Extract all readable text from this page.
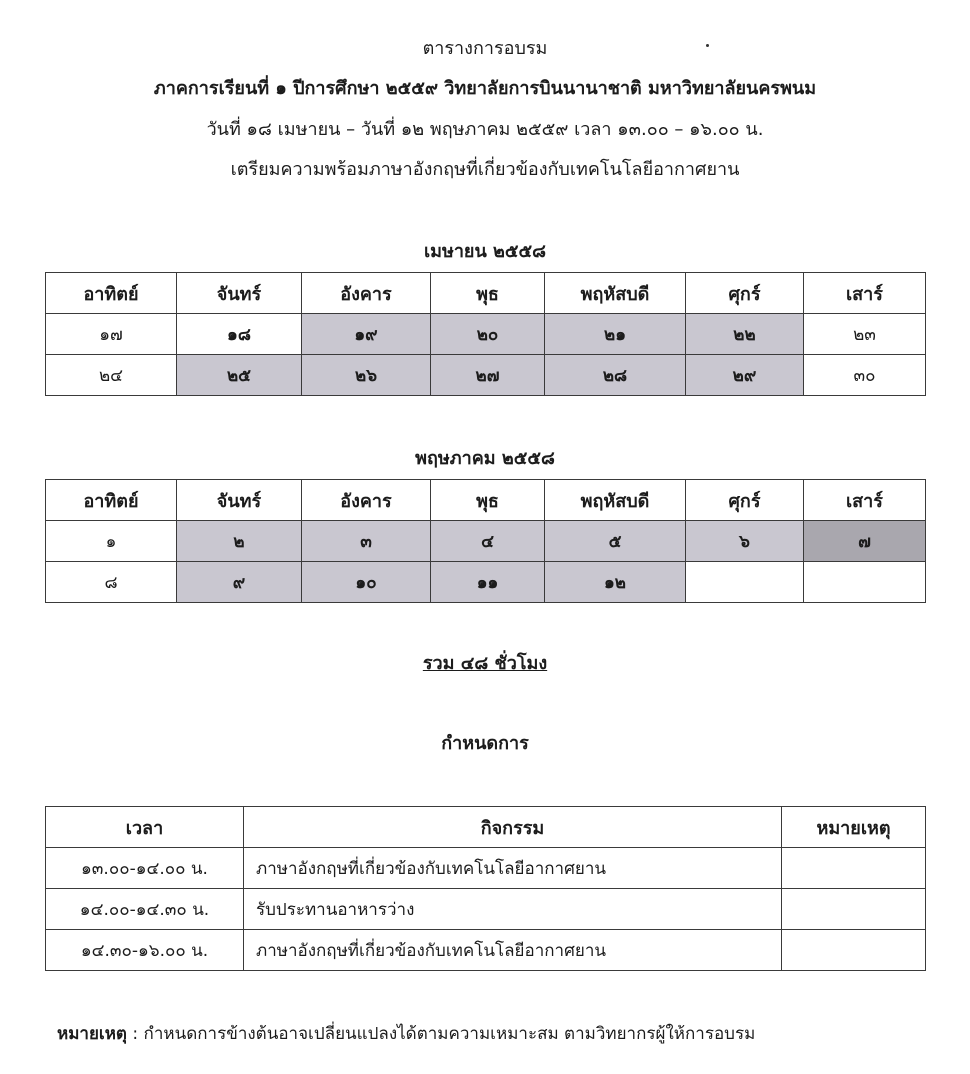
ตารางการอบรม
ภาคการเรียนที่ ๑ ปีการศึกษา ๒๕๕๙ วิทยาลัยการบินนานาชาติ มหาวิทยาลัยนครพนม
วันที่ ๑๘ เมษายน – วันที่ ๑๒ พฤษภาคม ๒๕๕๙ เวลา ๑๓.๐๐ – ๑๖.๐๐ น.
เตรียมความพร้อมภาษาอังกฤษที่เกี่ยวข้องกับเทคโนโลยีอากาศยาน
เมษายน ๒๕๕๘
อาทิตย์	จันทร์	อังคาร	พุธ	พฤหัสบดี	ศุกร์	เสาร์
๑๗	๑๘	๑๙	๒๐	๒๑	๒๒	๒๓
๒๔	๒๕	๒๖	๒๗	๒๘	๒๙	๓๐
พฤษภาคม ๒๕๕๘
อาทิตย์	จันทร์	อังคาร	พุธ	พฤหัสบดี	ศุกร์	เสาร์
๑	๒	๓	๔	๕	๖	๗
๘	๙	๑๐	๑๑	๑๒		
รวม ๔๘ ชั่วโมง
กำหนดการ
เวลา	กิจกรรม	หมายเหตุ
๑๓.๐๐-๑๔.๐๐ น.	ภาษาอังกฤษที่เกี่ยวข้องกับเทคโนโลยีอากาศยาน	
๑๔.๐๐-๑๔.๓๐ น.	รับประทานอาหารว่าง	
๑๔.๓๐-๑๖.๐๐ น.	ภาษาอังกฤษที่เกี่ยวข้องกับเทคโนโลยีอากาศยาน	
หมายเหตุ : กำหนดการข้างต้นอาจเปลี่ยนแปลงได้ตามความเหมาะสม ตามวิทยากรผู้ให้การอบรม
